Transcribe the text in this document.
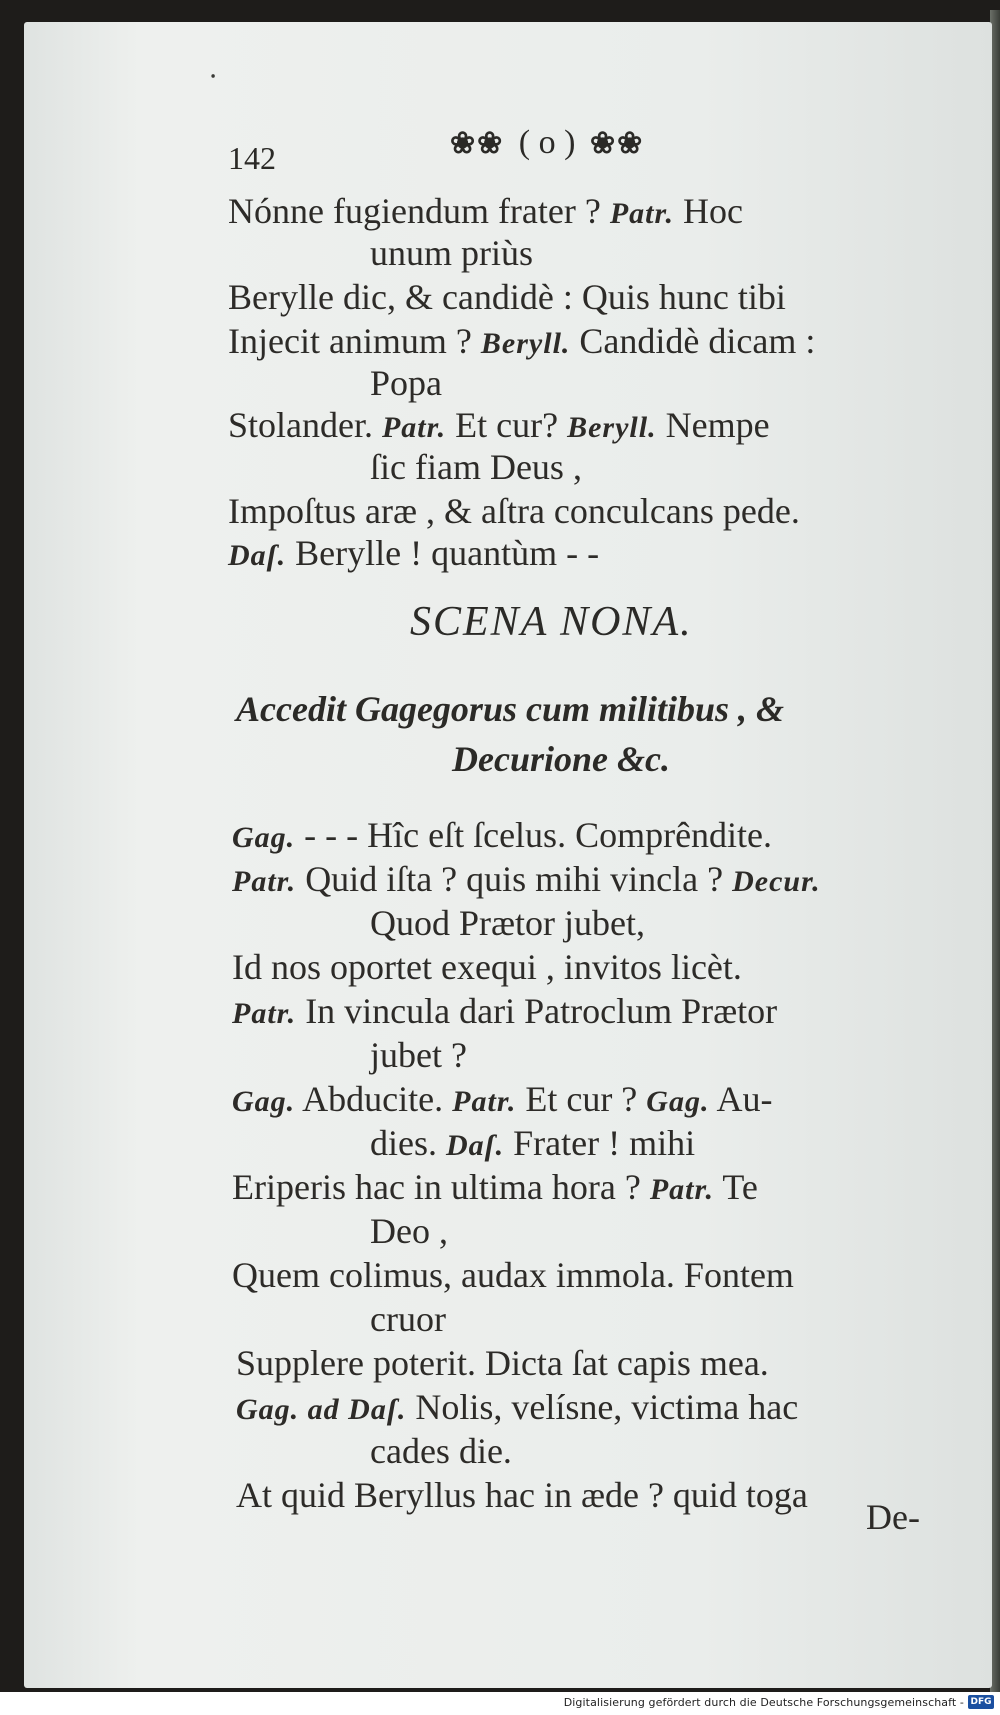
ꞏ
142	❀❀ ( o ) ❀❀
Nónne fugiendum frater ? Patr. Hoc
unum priùs
Berylle dic, & candidè : Quis hunc tibi
Injecit animum ? Beryll. Candidè dicam :
Popa
Stolander. Patr. Et cur? Beryll. Nempe
ſic fiam Deus ,
Impoſtus aræ , & aſtra conculcans pede.
Daſ. Berylle ! quantùm - -
SCENA NONA.
Accedit Gagegorus cum militibus , &
Decurione &c.
Gag. - - - Hîc eſt ſcelus. Comprêndite.
Patr. Quid iſta ? quis mihi vincla ? Decur.
Quod Prætor jubet,
Id nos oportet exequi , invitos licèt.
Patr. In vincula dari Patroclum Prætor
jubet ?
Gag. Abducite. Patr. Et cur ? Gag. Au-
dies. Daſ. Frater ! mihi
Eriperis hac in ultima hora ? Patr. Te
Deo ,
Quem colimus, audax immola. Fontem
cruor
Supplere poterit. Dicta ſat capis mea.
Gag. ad Daſ. Nolis, velísne, victima hac
cades die.
At quid Beryllus hac in æde ? quid toga
De-
Digitalisierung gefördert durch die Deutsche Forschungsgemeinschaft - DFG
